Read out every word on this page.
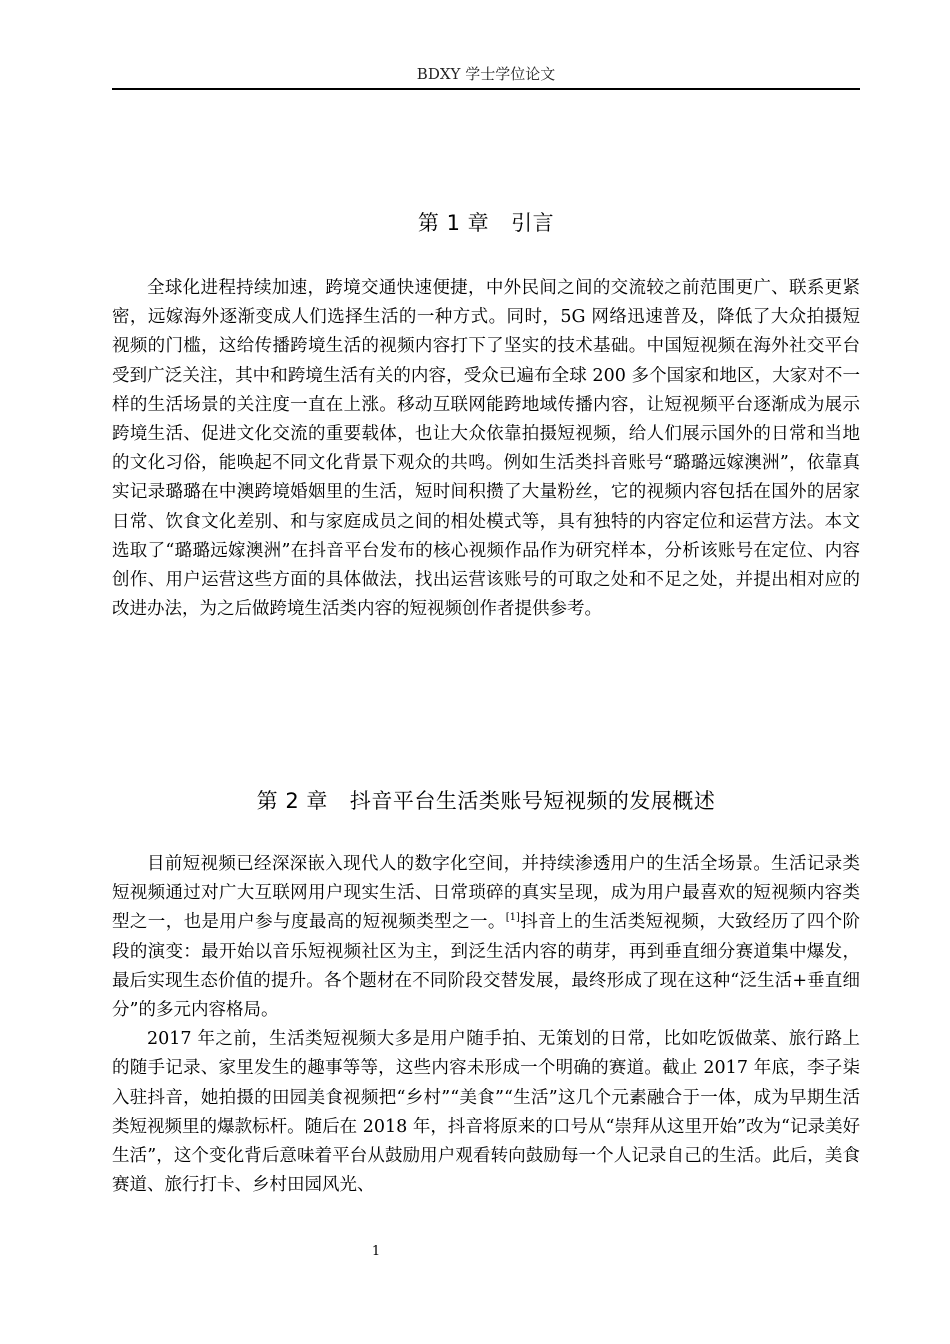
BDXY 学士学位论文
第 1 章 引言

全球化进程持续加速，跨境交通快速便捷，中外民间之间的交流较之前范围更广、联系更紧密，远嫁海外逐渐变成人们选择生活的一种方式。同时，5G 网络迅速普及，降低了大众拍摄短视频的门槛，这给传播跨境生活的视频内容打下了坚实的技术基础。中国短视频在海外社交平台受到广泛关注，其中和跨境生活有关的内容，受众已遍布全球 200 多个国家和地区，大家对不一样的生活场景的关注度一直在上涨。移动互联网能跨地域传播内容，让短视频平台逐渐成为展示跨境生活、促进文化交流的重要载体，也让大众依靠拍摄短视频，给人们展示国外的日常和当地的文化习俗，能唤起不同文化背景下观众的共鸣。例如生活类抖音账号“璐璐远嫁澳洲”，依靠真实记录璐璐在中澳跨境婚姻里的生活，短时间积攒了大量粉丝，它的视频内容包括在国外的居家日常、饮食文化差别、和与家庭成员之间的相处模式等，具有独特的内容定位和运营方法。本文选取了“璐璐远嫁澳洲”在抖音平台发布的核心视频作品作为研究样本，分析该账号在定位、内容创作、用户运营这些方面的具体做法，找出运营该账号的可取之处和不足之处，并提出相对应的改进办法，为之后做跨境生活类内容的短视频创作者提供参考。

第 2 章 抖音平台生活类账号短视频的发展概述

目前短视频已经深深嵌入现代人的数字化空间，并持续渗透用户的生活全场景。生活记录类短视频通过对广大互联网用户现实生活、日常琐碎的真实呈现，成为用户最喜欢的短视频内容类型之一，也是用户参与度最高的短视频类型之一。[1]抖音上的生活类短视频，大致经历了四个阶段的演变：最开始以音乐短视频社区为主，到泛生活内容的萌芽，再到垂直细分赛道集中爆发，最后实现生态价值的提升。各个题材在不同阶段交替发展，最终形成了现在这种“泛生活+垂直细分”的多元内容格局。

2017 年之前，生活类短视频大多是用户随手拍、无策划的日常，比如吃饭做菜、旅行路上的随手记录、家里发生的趣事等等，这些内容未形成一个明确的赛道。截止 2017 年底，李子柒入驻抖音，她拍摄的田园美食视频把“乡村”“美食”“生活”这几个元素融合于一体，成为早期生活类短视频里的爆款标杆。随后在 2018 年，抖音将原来的口号从“崇拜从这里开始”改为“记录美好生活”，这个变化背后意味着平台从鼓励用户观看转向鼓励每一个人记录自己的生活。此后，美食赛道、旅行打卡、乡村田园风光、

1
